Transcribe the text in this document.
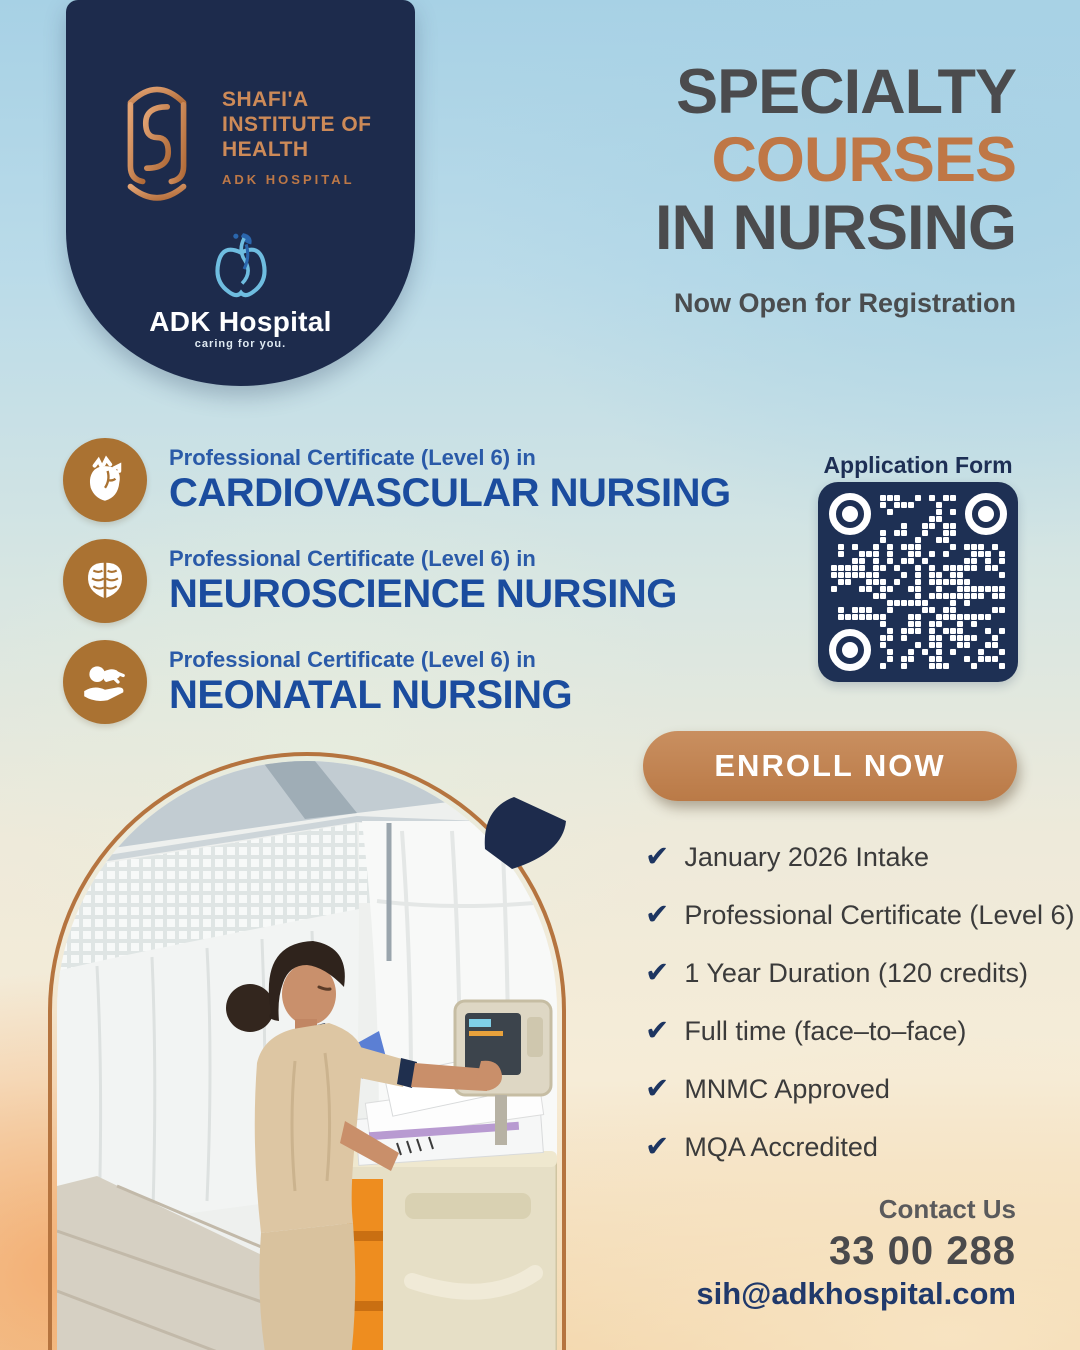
SHAFI'A
INSTITUTE OF
HEALTH
ADK HOSPITAL
ADK Hospital
caring for you.
SPECIALTY
COURSES
IN NURSING
Now Open for Registration
Professional Certificate (Level 6) in
CARDIOVASCULAR NURSING
Professional Certificate (Level 6) in
NEUROSCIENCE NURSING
Professional Certificate (Level 6) in
NEONATAL NURSING
Application Form
ENROLL NOW
✔ January 2026 Intake
✔ Professional Certificate (Level 6)
✔ 1 Year Duration (120 credits)
✔ Full time (face–to–face)
✔ MNMC Approved
✔ MQA Accredited
Contact Us
33 00 288
sih@adkhospital.com
